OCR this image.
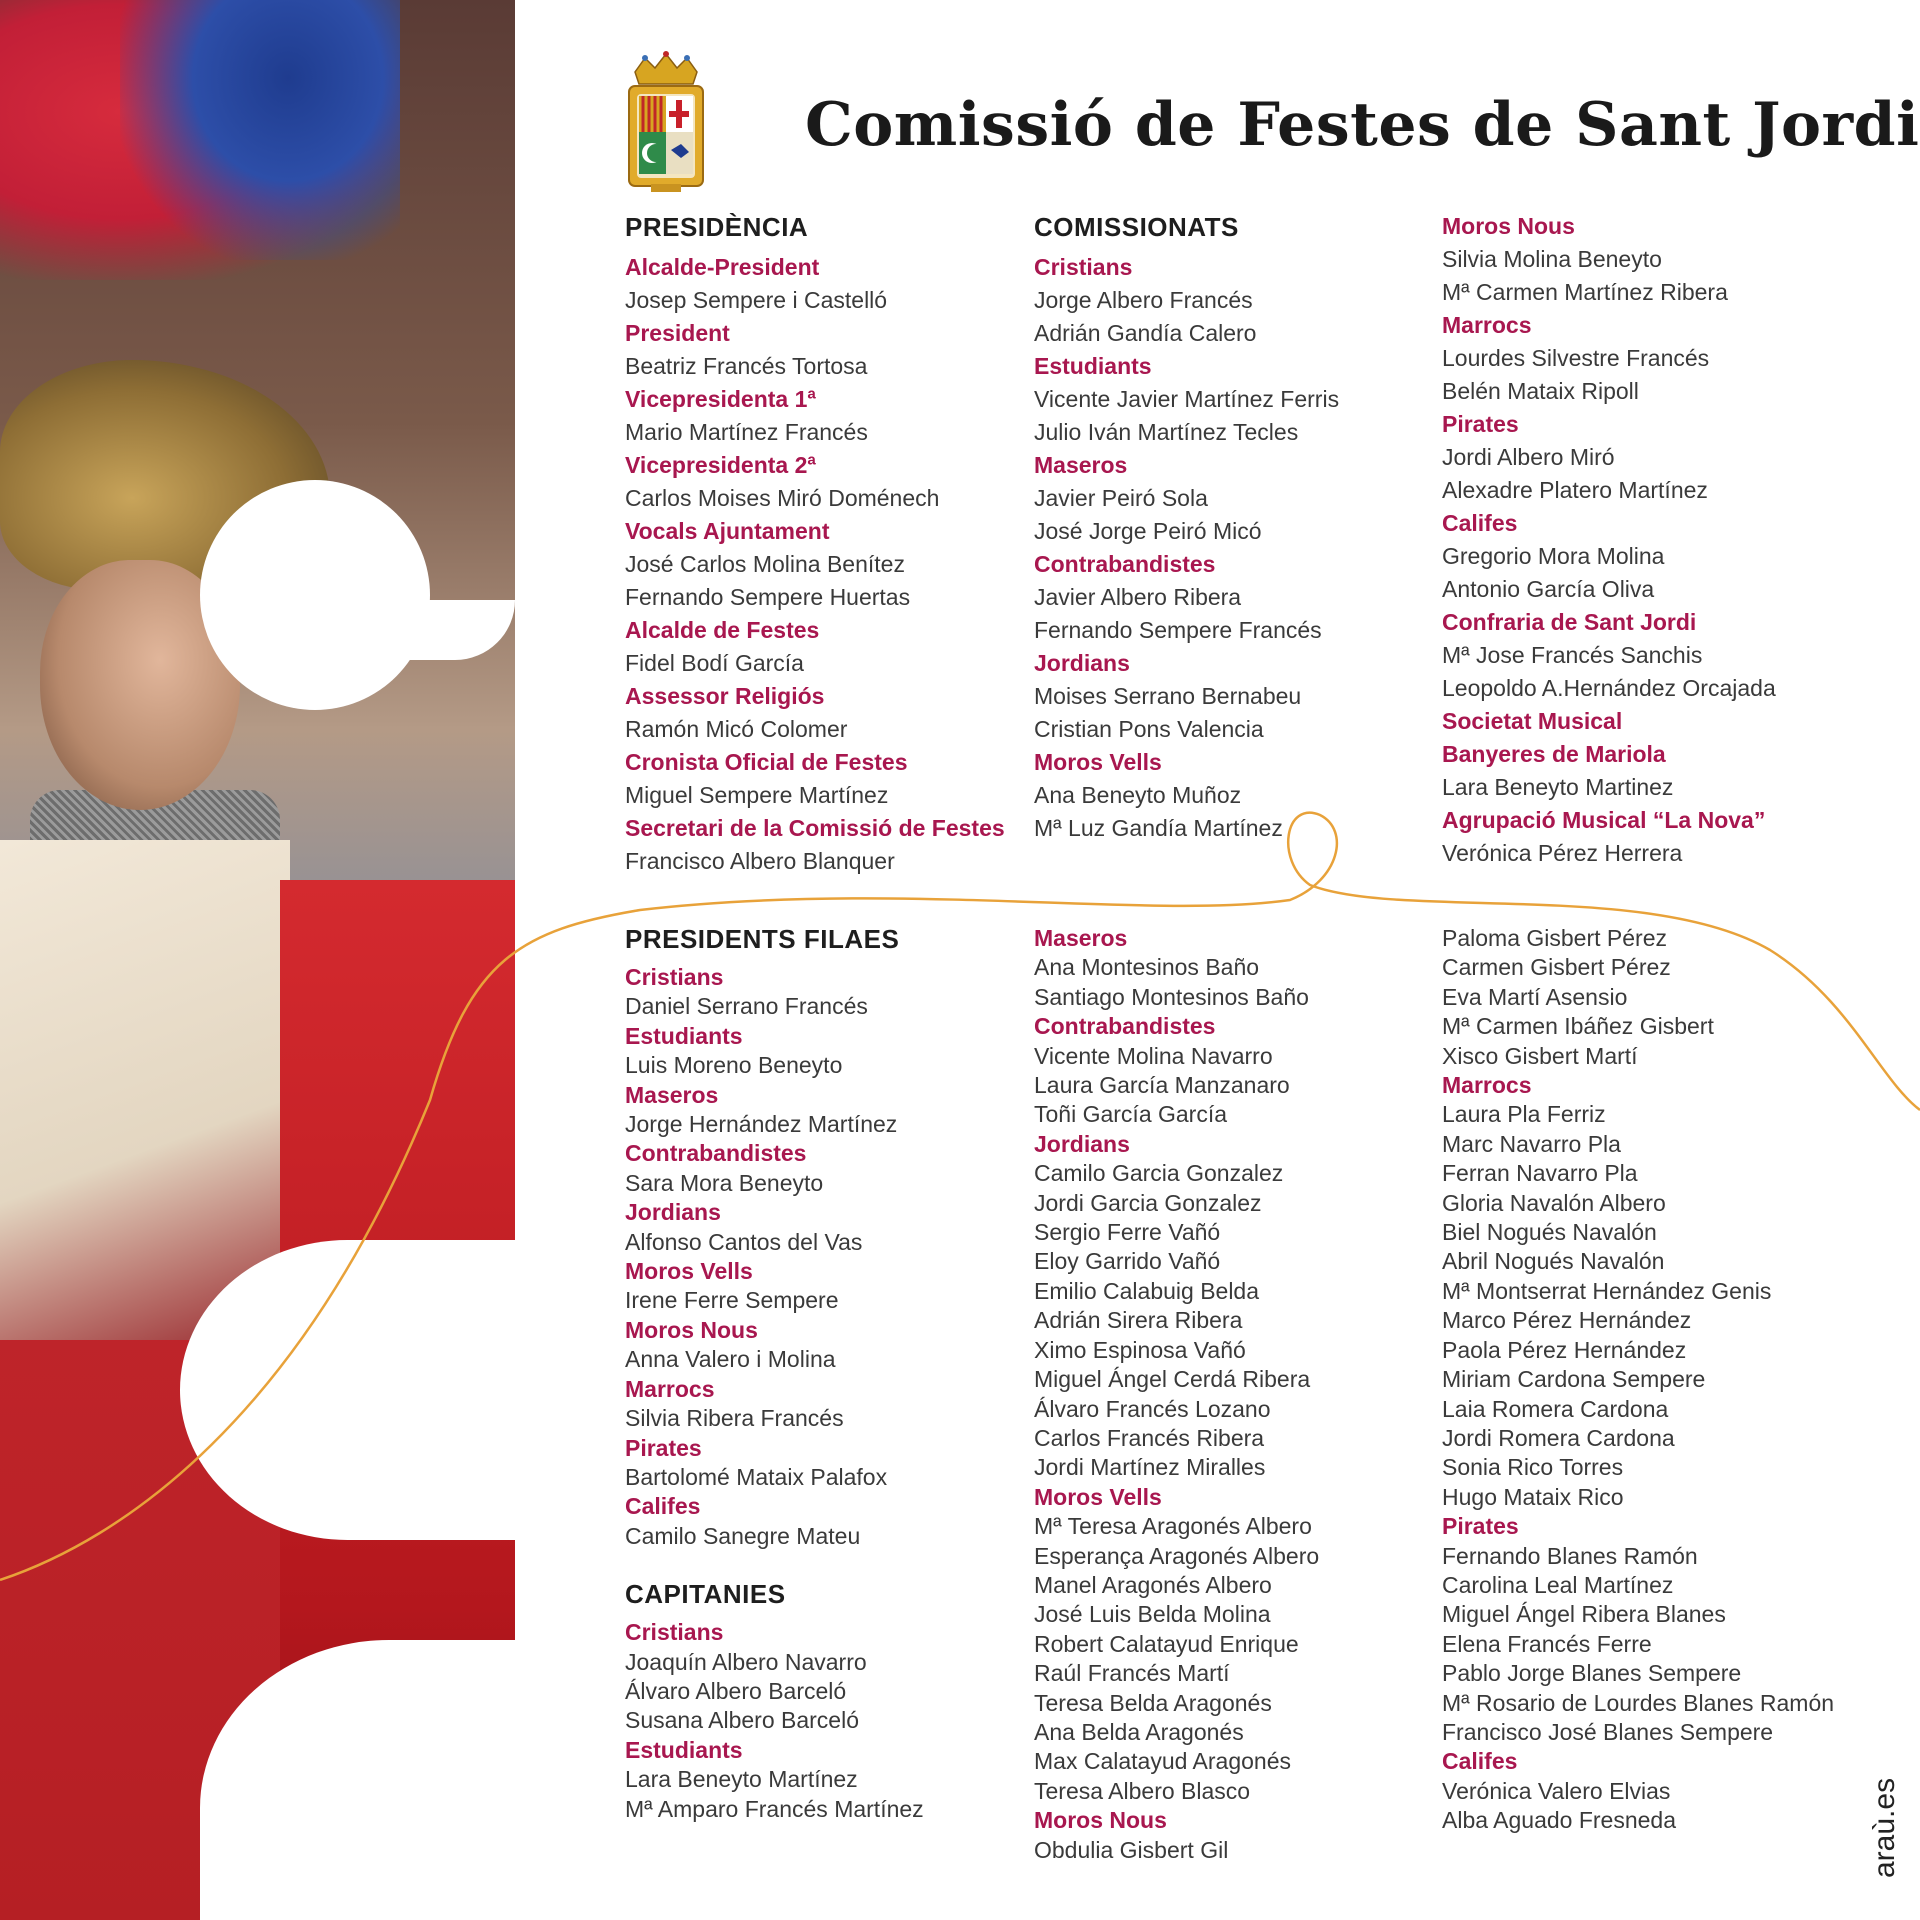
Comissió de Festes de Sant Jordi
PRESIDÈNCIA
Alcalde-President
Josep Sempere i Castelló
President
Beatriz Francés Tortosa
Vicepresidenta 1ª
Mario Martínez Francés
Vicepresidenta 2ª
Carlos Moises Miró Doménech
Vocals Ajuntament
José Carlos Molina Benítez
Fernando Sempere Huertas
Alcalde de Festes
Fidel Bodí García
Assessor Religiós
Ramón Micó Colomer
Cronista Oficial de Festes
Miguel Sempere Martínez
Secretari de la Comissió de Festes
Francisco Albero Blanquer
COMISSIONATS
Cristians
Jorge Albero Francés
Adrián Gandía Calero
Estudiants
Vicente Javier Martínez Ferris
Julio Iván Martínez Tecles
Maseros
Javier Peiró Sola
José Jorge Peiró Micó
Contrabandistes
Javier Albero Ribera
Fernando Sempere Francés
Jordians
Moises Serrano Bernabeu
Cristian Pons Valencia
Moros Vells
Ana Beneyto Muñoz
Mª Luz Gandía Martínez
Moros Nous
Silvia Molina Beneyto
Mª Carmen Martínez Ribera
Marrocs
Lourdes Silvestre Francés
Belén Mataix Ripoll
Pirates
Jordi Albero Miró
Alexadre Platero Martínez
Califes
Gregorio Mora Molina
Antonio García Oliva
Confraria de Sant Jordi
Mª Jose Francés Sanchis
Leopoldo A.Hernández Orcajada
Societat Musical
Banyeres de Mariola
Lara Beneyto Martinez
Agrupació Musical “La Nova”
Verónica Pérez Herrera
PRESIDENTS FILAES
Cristians
Daniel Serrano Francés
Estudiants
Luis Moreno Beneyto
Maseros
Jorge Hernández Martínez
Contrabandistes
Sara Mora Beneyto
Jordians
Alfonso Cantos del Vas
Moros Vells
Irene Ferre Sempere
Moros Nous
Anna Valero i Molina
Marrocs
Silvia Ribera Francés
Pirates
Bartolomé Mataix Palafox
Califes
Camilo Sanegre Mateu
CAPITANIES
Cristians
Joaquín Albero Navarro
Álvaro Albero Barceló
Susana Albero Barceló
Estudiants
Lara Beneyto Martínez
Mª Amparo Francés Martínez
Maseros
Ana Montesinos Baño
Santiago Montesinos Baño
Contrabandistes
Vicente Molina Navarro
Laura García Manzanaro
Toñi García García
Jordians
Camilo Garcia Gonzalez
Jordi Garcia Gonzalez
Sergio Ferre Vañó
Eloy Garrido Vañó
Emilio Calabuig Belda
Adrián Sirera Ribera
Ximo Espinosa Vañó
Miguel Ángel Cerdá Ribera
Álvaro Francés Lozano
Carlos Francés Ribera
Jordi Martínez Miralles
Moros Vells
Mª Teresa Aragonés Albero
Esperança Aragonés Albero
Manel Aragonés Albero
José Luis Belda Molina
Robert Calatayud Enrique
Raúl Francés Martí
Teresa Belda Aragonés
Ana Belda Aragonés
Max Calatayud Aragonés
Teresa Albero Blasco
Moros Nous
Obdulia Gisbert Gil
Paloma Gisbert Pérez
Carmen Gisbert Pérez
Eva Martí Asensio
Mª Carmen Ibáñez Gisbert
Xisco Gisbert Martí
Marrocs
Laura Pla Ferriz
Marc Navarro Pla
Ferran Navarro Pla
Gloria Navalón Albero
Biel Nogués Navalón
Abril Nogués Navalón
Mª Montserrat Hernández Genis
Marco Pérez Hernández
Paola Pérez Hernández
Miriam Cardona Sempere
Laia Romera Cardona
Jordi Romera Cardona
Sonia Rico Torres
Hugo Mataix Rico
Pirates
Fernando Blanes Ramón
Carolina Leal Martínez
Miguel Ángel Ribera Blanes
Elena Francés Ferre
Pablo Jorge Blanes Sempere
Mª Rosario de Lourdes Blanes Ramón
Francisco José Blanes Sempere
Califes
Verónica Valero Elvias
Alba Aguado Fresneda	araù.es
